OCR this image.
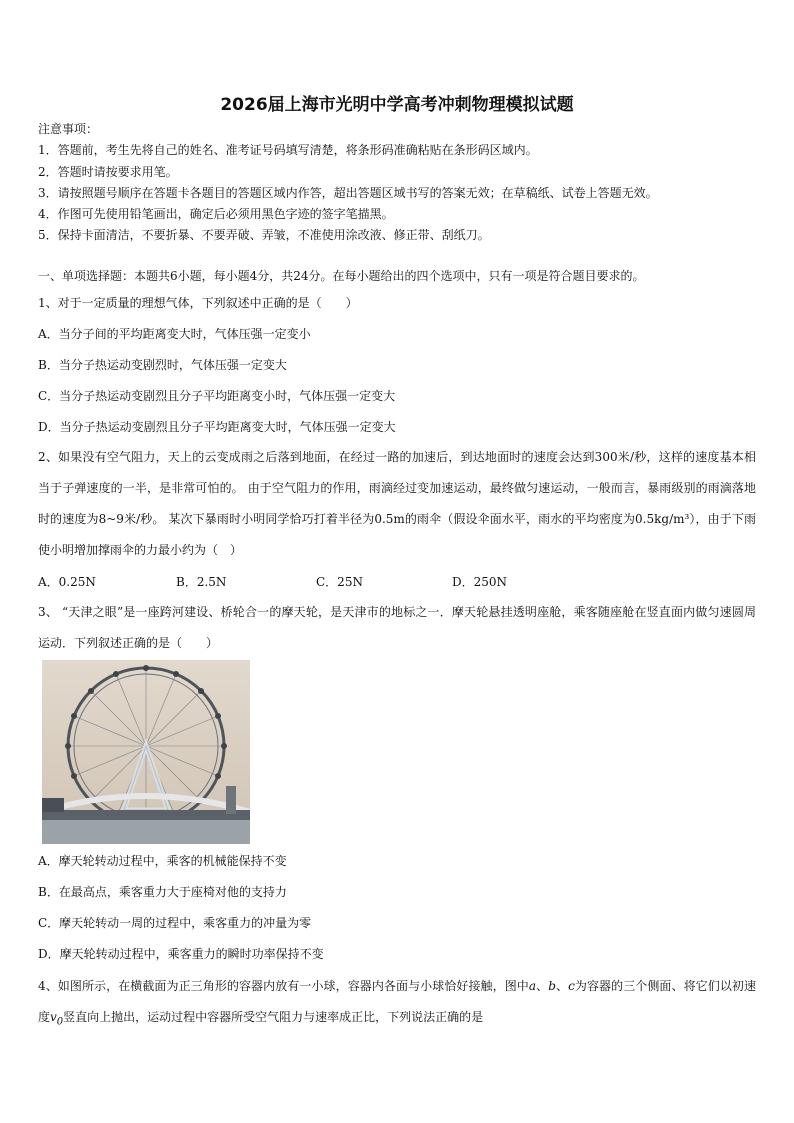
2026届上海市光明中学高考冲刺物理模拟试题
注意事项：
1．答题前，考生先将自己的姓名、准考证号码填写清楚，将条形码准确粘贴在条形码区域内。
2．答题时请按要求用笔。
3．请按照题号顺序在答题卡各题目的答题区域内作答，超出答题区域书写的答案无效；在草稿纸、试卷上答题无效。
4．作图可先使用铅笔画出，确定后必须用黑色字迹的签字笔描黑。
5．保持卡面清洁，不要折暴、不要弄破、弄皱，不准使用涂改液、修正带、刮纸刀。
一、单项选择题：本题共6小题，每小题4分，共24分。在每小题给出的四个选项中，只有一项是符合题目要求的。
1、对于一定质量的理想气体，下列叙述中正确的是（　　）
A．当分子间的平均距离变大时，气体压强一定变小
B．当分子热运动变剧烈时，气体压强一定变大
C．当分子热运动变剧烈且分子平均距离变小时，气体压强一定变大
D．当分子热运动变剧烈且分子平均距离变大时，气体压强一定变大
2、如果没有空气阻力，天上的云变成雨之后落到地面，在经过一路的加速后，到达地面时的速度会达到300米/秒，这样的速度基本相当于子弹速度的一半，是非常可怕的。 由于空气阻力的作用，雨滴经过变加速运动，最终做匀速运动，一般而言，暴雨级别的雨滴落地时的速度为8~9米/秒。 某次下暴雨时小明同学恰巧打着半径为0.5m的雨伞（假设伞面水平，雨水的平均密度为0.5kg/m³），由于下雨使小明增加撑雨伞的力最小约为（　）
A．0.25N	B．2.5N	C．25N	D．250N
3、 “天津之眼”是一座跨河建设、桥轮合一的摩天轮，是天津市的地标之一．摩天轮悬挂透明座舱，乘客随座舱在竖直面内做匀速圆周运动．下列叙述正确的是（　　）
A．摩天轮转动过程中，乘客的机械能保持不变
B．在最高点，乘客重力大于座椅对他的支持力
C．摩天轮转动一周的过程中，乘客重力的冲量为零
D．摩天轮转动过程中，乘客重力的瞬时功率保持不变
4、如图所示，在横截面为正三角形的容器内放有一小球，容器内各面与小球恰好接触，图中a、b、c为容器的三个侧面、将它们以初速度$v_0$竖直向上抛出，运动过程中容器所受空气阻力与速率成正比，下列说法正确的是
